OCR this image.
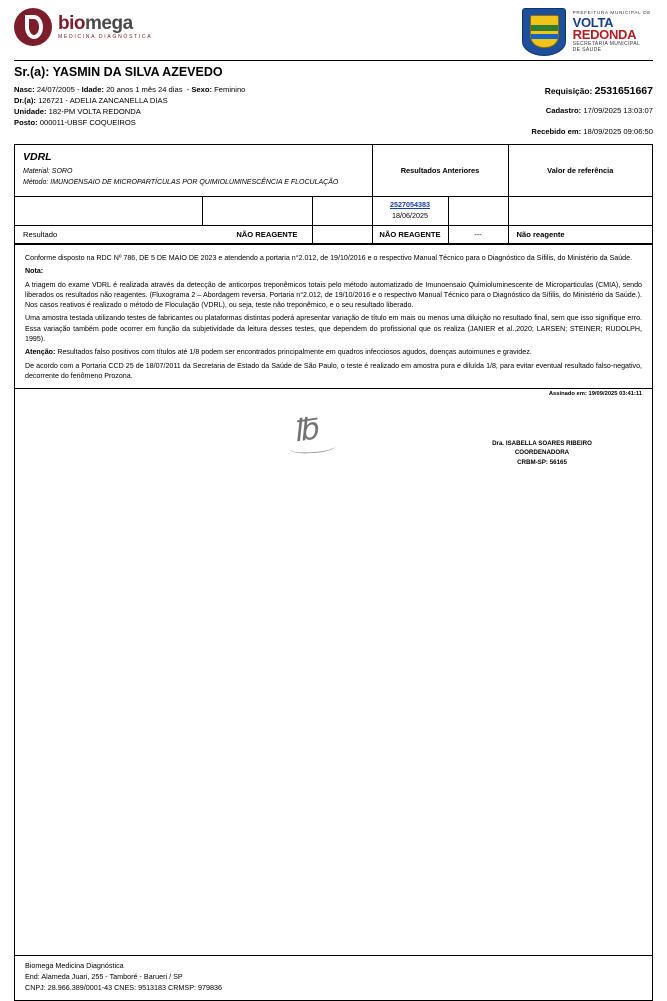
biomega
MEDICINA DIAGNÓSTICA
PREFEITURA MUNICIPAL DE
VOLTA
REDONDA
SECRETARIA MUNICIPAL
DE SAUDE
Sr.(a): YASMIN DA SILVA AZEVEDO
Nasc: 24/07/2005 - Idade: 20 anos 1 mês 24 dias  - Sexo: Feminino
Dr.(a): 126721 - ADELIA ZANCANELLA DIAS
Unidade: 182-PM VOLTA REDONDA
Posto: 000011-UBSF COQUEIROS
Requisição: 2531651667
Cadastro: 17/09/2025 13:03:07
Recebido em: 18/09/2025 09:06:50
VDRL			Resultados Anteriores		Valor de referência

Material: SORO
Método: IMUNOENSAIO DE MICROPARTÍCULAS POR QUIMIOLUMINESCÊNCIA E FLOCULAÇÃO					

			2527054383
18/06/2025		

Resultado	NÃO REAGENTE		NÃO REAGENTE	---	Não reagente

Conforme disposto na RDC Nº 786, DE 5 DE MAIO DE 2023 e atendendo a portaria n°2.012, de 19/10/2016 e o respectivo Manual Técnico para o Diagnóstico da Sífilis, do Ministério da Saúde.

Nota:

A triagem do exame VDRL é realizada através da detecção de anticorpos treponêmicos totais pelo método automatizado de Imunoensaio Quimioluminescente de Microparticulas (CMIA), sendo liberados os resultados não reagentes. (Fluxograma 2 – Abordagem reversa. Portaria n°2.012, de 19/10/2016 e o respectivo Manual Técnico para o Diagnóstico da Sífilis, do Ministério da Saúde.). Nos casos reativos é realizado o método de Floculação (VDRL), ou seja, teste não treponêmico, e o seu resultado liberado.

Uma amostra testada utilizando testes de fabricantes ou plataformas distintas poderá apresentar variação de título em mais ou menos uma diluição no resultado final, sem que isso signifique erro. Essa variação também pode ocorrer em função da subjetividade da leitura desses testes, que dependem do profissional que os realiza (JANIER et al.,2020; LARSEN; STEINER; RUDOLPH, 1995).

Atenção: Resultados falso positivos com títulos até 1/8 podem ser encontrados principalmente em quadros infecciosos agudos, doenças autoimunes e gravidez.

De acordo com a Portaria CCD 25 de 18/07/2011 da Secretaria de Estado da Saúde de São Paulo, o teste é realizado em amostra pura e diluída 1/8, para evitar eventual resultado falso-negativo, decorrente do fenômeno Prozona.

Assinado em: 19/09/2025 03:41:11
℔	Dra. ISABELLA SOARES RIBEIRO
COORDENADORA
CRBM-SP: 56165
Biomega Medicina Diagnóstica
End: Alameda Juari, 255 - Tamboré - Barueri / SP
CNPJ: 28.966.389/0001-43 CNES: 9513183 CRMSP: 979836
